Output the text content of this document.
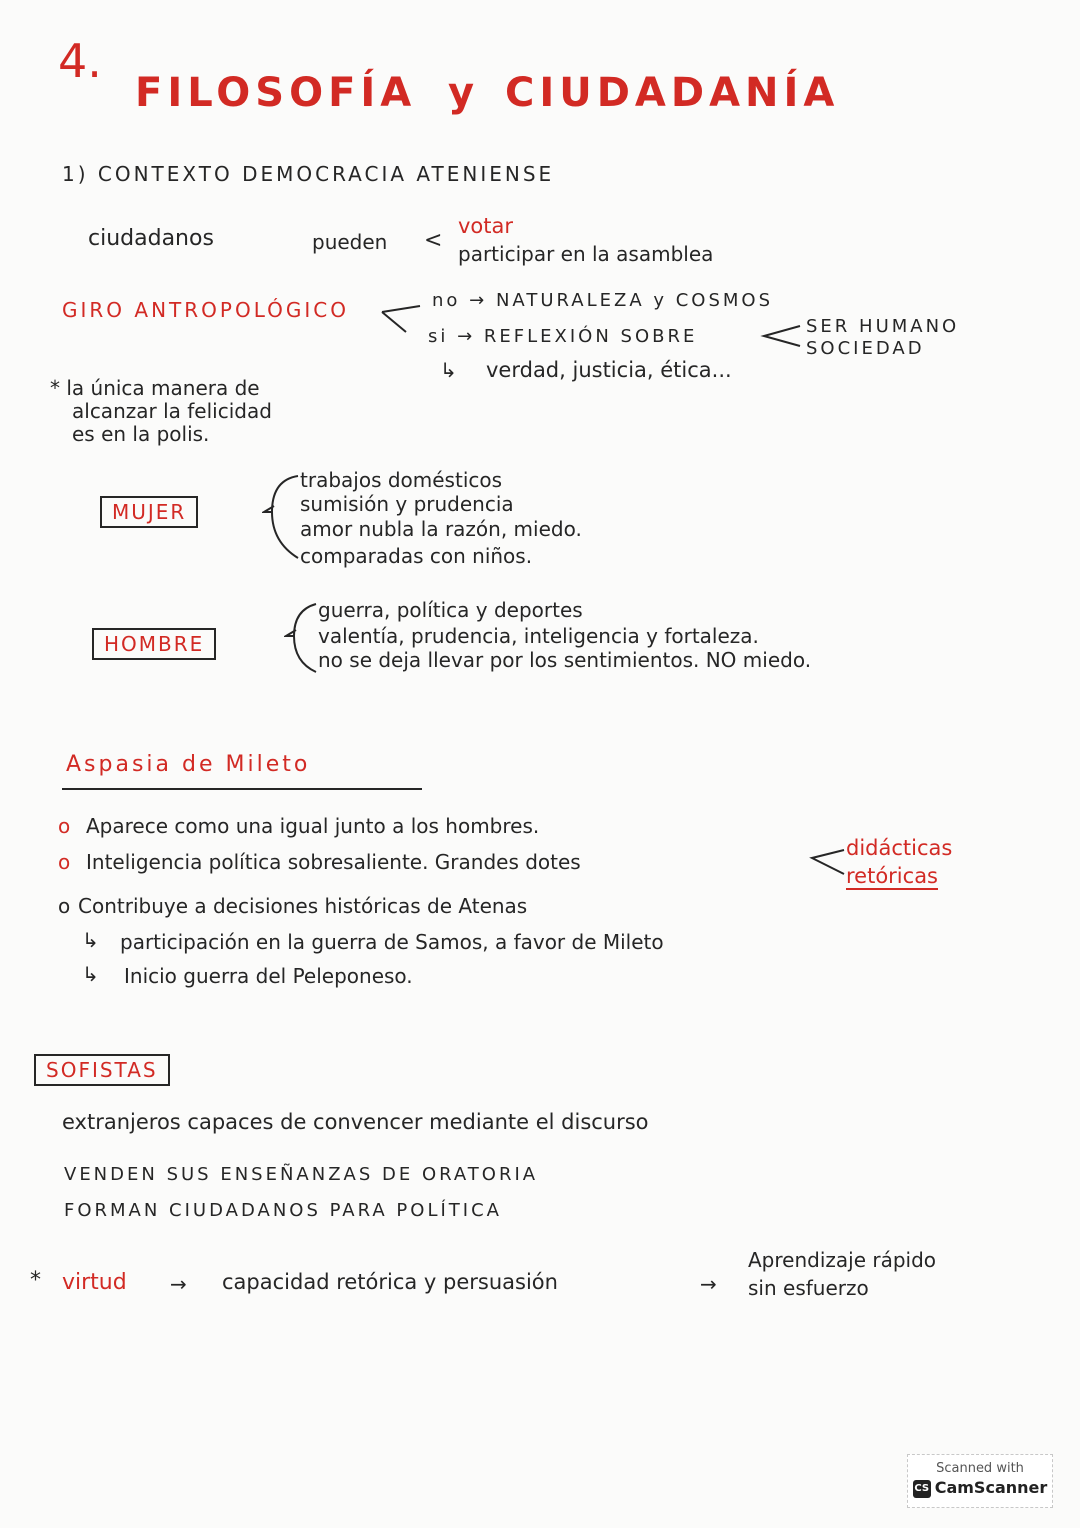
4.
FILOSOFÍA y CIUDADANÍA
1) CONTEXTO DEMOCRACIA ATENIENSE
ciudadanos	pueden <
votar
participar en la asamblea
GIRO ANTROPOLÓGICO	no → NATURALEZA y COSMOS
si → REFLEXIÓN SOBRE	SER HUMANO
SOCIEDAD
↳ verdad, justicia, ética...
* la única manera de
alcanzar la felicidad
es en la polis.
MUJER
trabajos domésticos
sumisión y prudencia
amor nubla la razón, miedo.
comparadas con niños.
HOMBRE
guerra, política y deportes
valentía, prudencia, inteligencia y fortaleza.
no se deja llevar por los sentimientos. NO miedo.
Aspasia de Mileto
o Aparece como una igual junto a los hombres.
o Inteligencia política sobresaliente. Grandes dotes
didácticas
retóricas
o Contribuye a decisiones históricas de Atenas
↳ participación en la guerra de Samos, a favor de Mileto
↳ Inicio guerra del Peleponeso.
SOFISTAS
extranjeros capaces de convencer mediante el discurso
VENDEN SUS ENSEÑANZAS DE ORATORIA
FORMAN CIUDADANOS PARA POLÍTICA
* virtud → capacidad retórica y persuasión	→
Aprendizaje rápido
sin esfuerzo
Scanned with
CS CamScanner
